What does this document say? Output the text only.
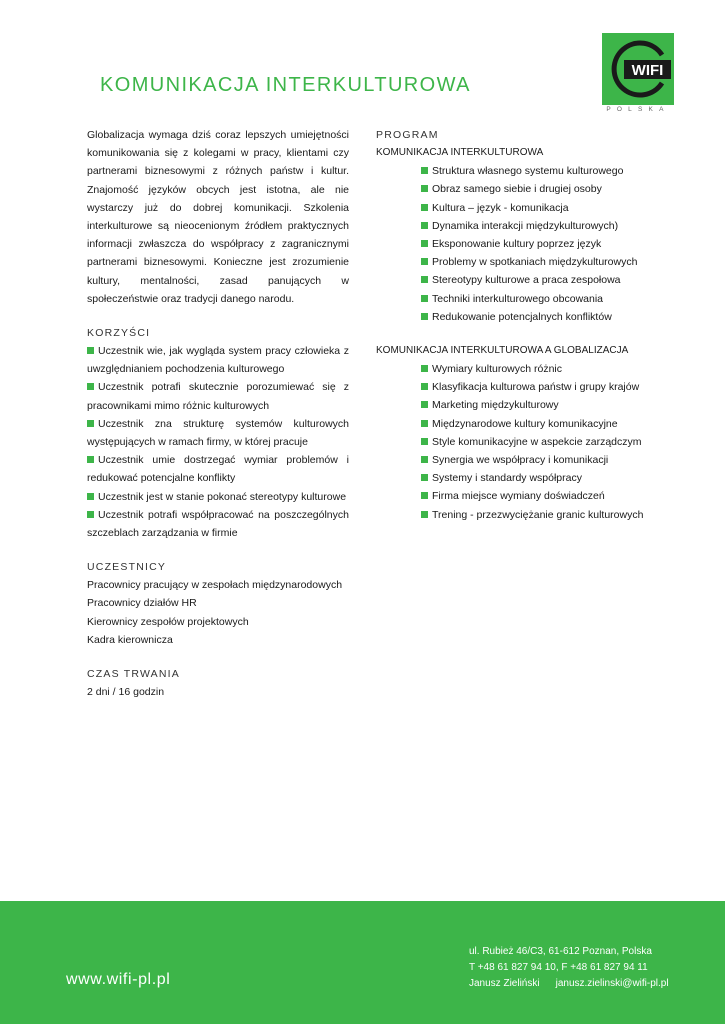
KOMUNIKACJA INTERKULTUROWA
WIFI
POLSKA

Globalizacja wymaga dziś coraz lepszych umiejętności komunikowania się z kolegami w pracy, klientami czy partnerami biznesowymi z różnych państw i kultur. Znajomość języków obcych jest istotna, ale nie wystarczy już do dobrej komunikacji. Szkolenia interkulturowe są nieocenionym źródłem praktycznych informacji zwłaszcza do współpracy z zagranicznymi partnerami biznesowymi. Konieczne jest zrozumienie kultury, mentalności, zasad panujących w społeczeństwie oraz tradycji danego narodu.

KORZYŚCI

Uczestnik wie, jak wygląda system pracy człowieka z uwzględnianiem pochodzenia kulturowego

Uczestnik potrafi skutecznie porozumiewać się z pracownikami mimo różnic kulturowych

Uczestnik zna strukturę systemów kulturowych występujących w ramach firmy, w której pracuje

Uczestnik umie dostrzegać wymiar problemów i redukować potencjalne konflikty

Uczestnik jest w stanie pokonać stereotypy kulturowe

Uczestnik potrafi współpracować na poszczególnych szczeblach zarządzania w firmie

UCZESTNICY

Pracownicy pracujący w zespołach międzynarodowych

Pracownicy działów HR

Kierownicy zespołów projektowych

Kadra kierownicza

CZAS TRWANIA

2 dni / 16 godzin

PROGRAM

KOMUNIKACJA INTERKULTUROWA

Struktura własnego systemu kulturowego

Obraz samego siebie i drugiej osoby

Kultura – język - komunikacja

Dynamika interakcji międzykulturowych)

Eksponowanie kultury poprzez język

Problemy w spotkaniach międzykulturowych

Stereotypy kulturowe a praca zespołowa

Techniki interkulturowego obcowania

Redukowanie potencjalnych konfliktów

KOMUNIKACJA INTERKULTUROWA A GLOBALIZACJA

Wymiary kulturowych różnic

Klasyfikacja kulturowa państw i grupy krajów

Marketing międzykulturowy

Międzynarodowe kultury komunikacyjne

Style komunikacyjne w aspekcie zarządczym

Synergia we współpracy i komunikacji

Systemy i standardy współpracy

Firma miejsce wymiany doświadczeń

Trening - przezwyciężanie granic kulturowych

www.wifi-pl.pl
ul. Rubież 46/C3, 61-612 Poznan, Polska
T +48 61 827 94 10, F +48 61 827 94 11
Janusz Zieliński janusz.zielinski@wifi-pl.pl
